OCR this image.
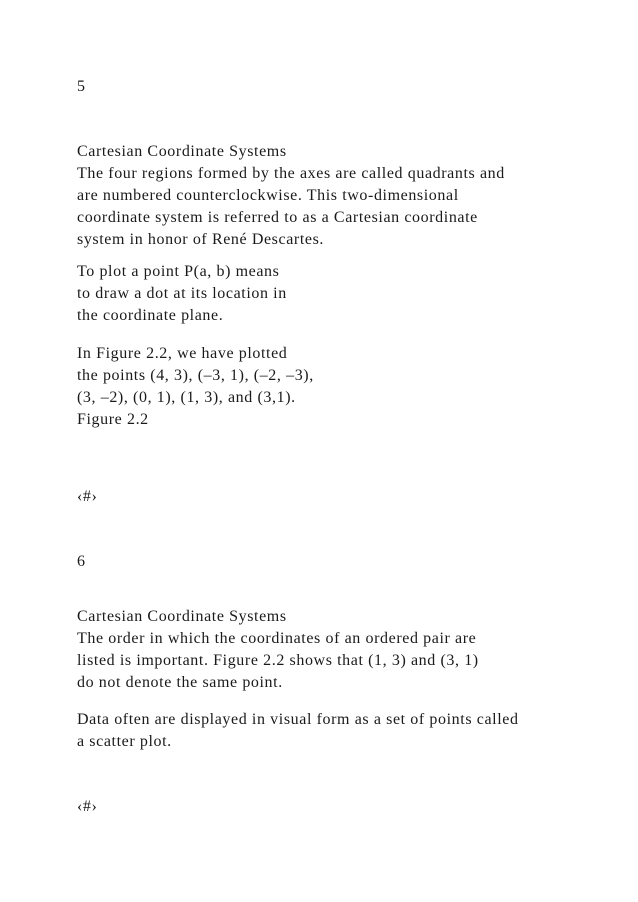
5
Cartesian Coordinate Systems
The four regions formed by the axes are called quadrants and
are numbered counterclockwise. This two-dimensional
coordinate system is referred to as a Cartesian coordinate
system in honor of René Descartes.
To plot a point P(a, b) means
to draw a dot at its location in
the coordinate plane.
In Figure 2.2, we have plotted
the points (4, 3), (–3, 1), (–2, –3),
(3, –2), (0, 1), (1, 3), and (3,1).
Figure 2.2
‹#›
6
Cartesian Coordinate Systems
The order in which the coordinates of an ordered pair are
listed is important. Figure 2.2 shows that (1, 3) and (3, 1)
do not denote the same point.
Data often are displayed in visual form as a set of points called
a scatter plot.
‹#›
